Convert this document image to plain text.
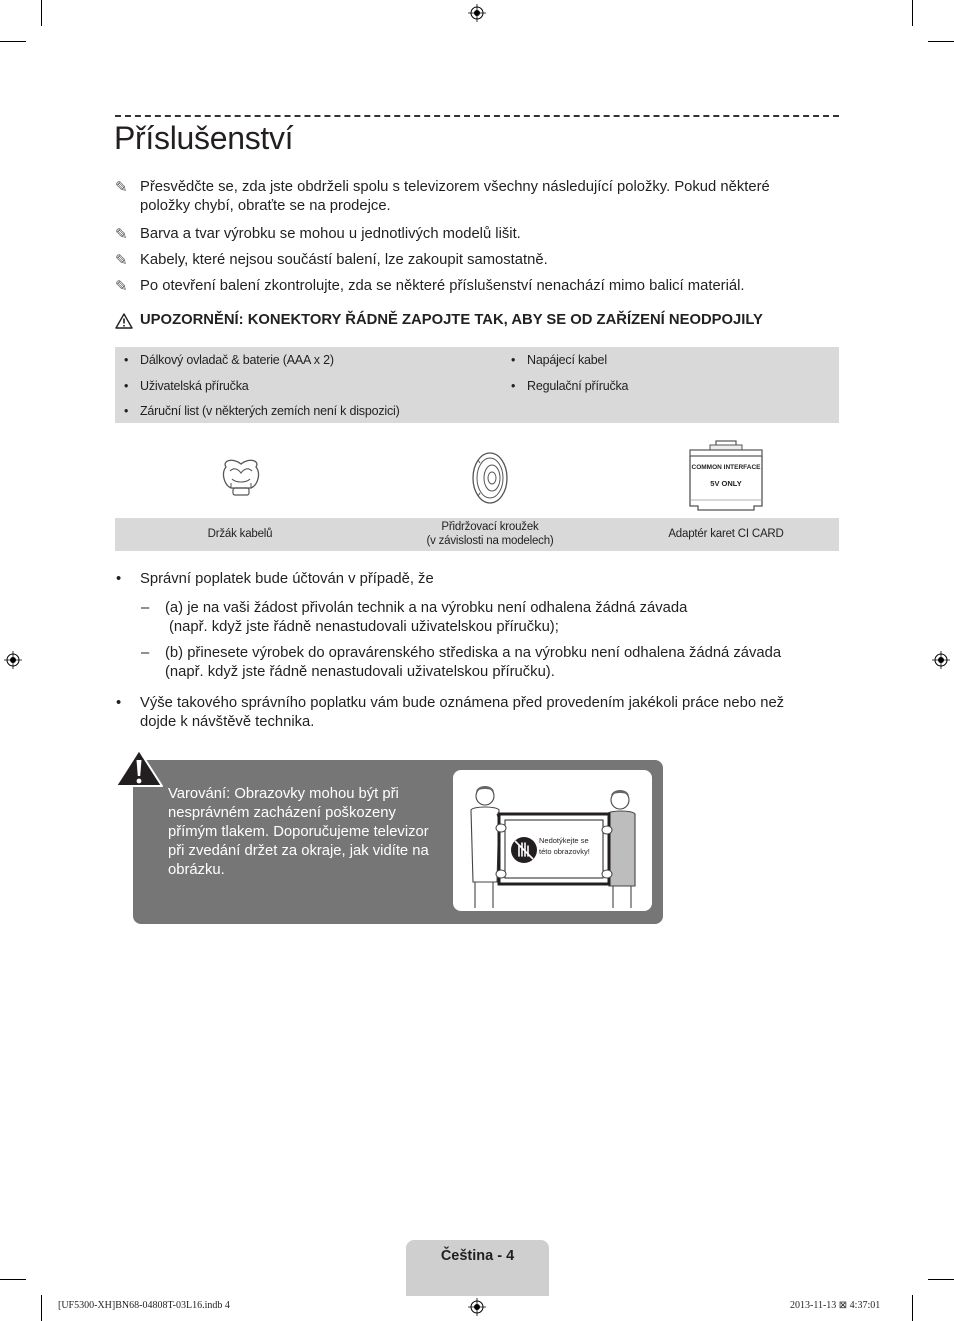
Příslušenství
✎ Přesvědčte se, zda jste obdrželi spolu s televizorem všechny následující položky. Pokud některé položky chybí, obraťte se na prodejce.
✎ Barva a tvar výrobku se mohou u jednotlivých modelů lišit.
✎ Kabely, které nejsou součástí balení, lze zakoupit samostatně.
✎ Po otevření balení zkontrolujte, zda se některé příslušenství nenachází mimo balicí materiál.
UPOZORNĚNÍ: KONEKTORY ŘÁDNĚ ZAPOJTE TAK, ABY SE OD ZAŘÍZENÍ NEODPOJILY
• Dálkový ovladač & baterie (AAA x 2)
• Uživatelská příručka
• Záruční list (v některých zemích není k dispozici)
• Napájecí kabel
• Regulační příručka
COMMON INTERFACE
5V ONLY
Držák kabelů
Přidržovací kroužek
(v závislosti na modelech)
Adaptér karet CI CARD
• Správní poplatek bude účtován v případě, že
– (a) je na vaši žádost přivolán technik a na výrobku není odhalena žádná závada
(např. když jste řádně nenastudovali uživatelskou příručku);
– (b) přinesete výrobek do opravárenského střediska a na výrobku není odhalena žádná závada
(např. když jste řádně nenastudovali uživatelskou příručku).
• Výše takového správního poplatku vám bude oznámena před provedením jakékoli práce nebo než dojde k návštěvě technika.
Varování: Obrazovky mohou být při nesprávném zacházení poškozeny přímým tlakem. Doporučujeme televizor při zvedání držet za okraje, jak vidíte na obrázku.
Nedotýkejte se
této obrazovky!
Čeština - 4
[UF5300-XH]BN68-04808T-03L16.indb 4	2013-11-13 ⊠ 4:37:01
